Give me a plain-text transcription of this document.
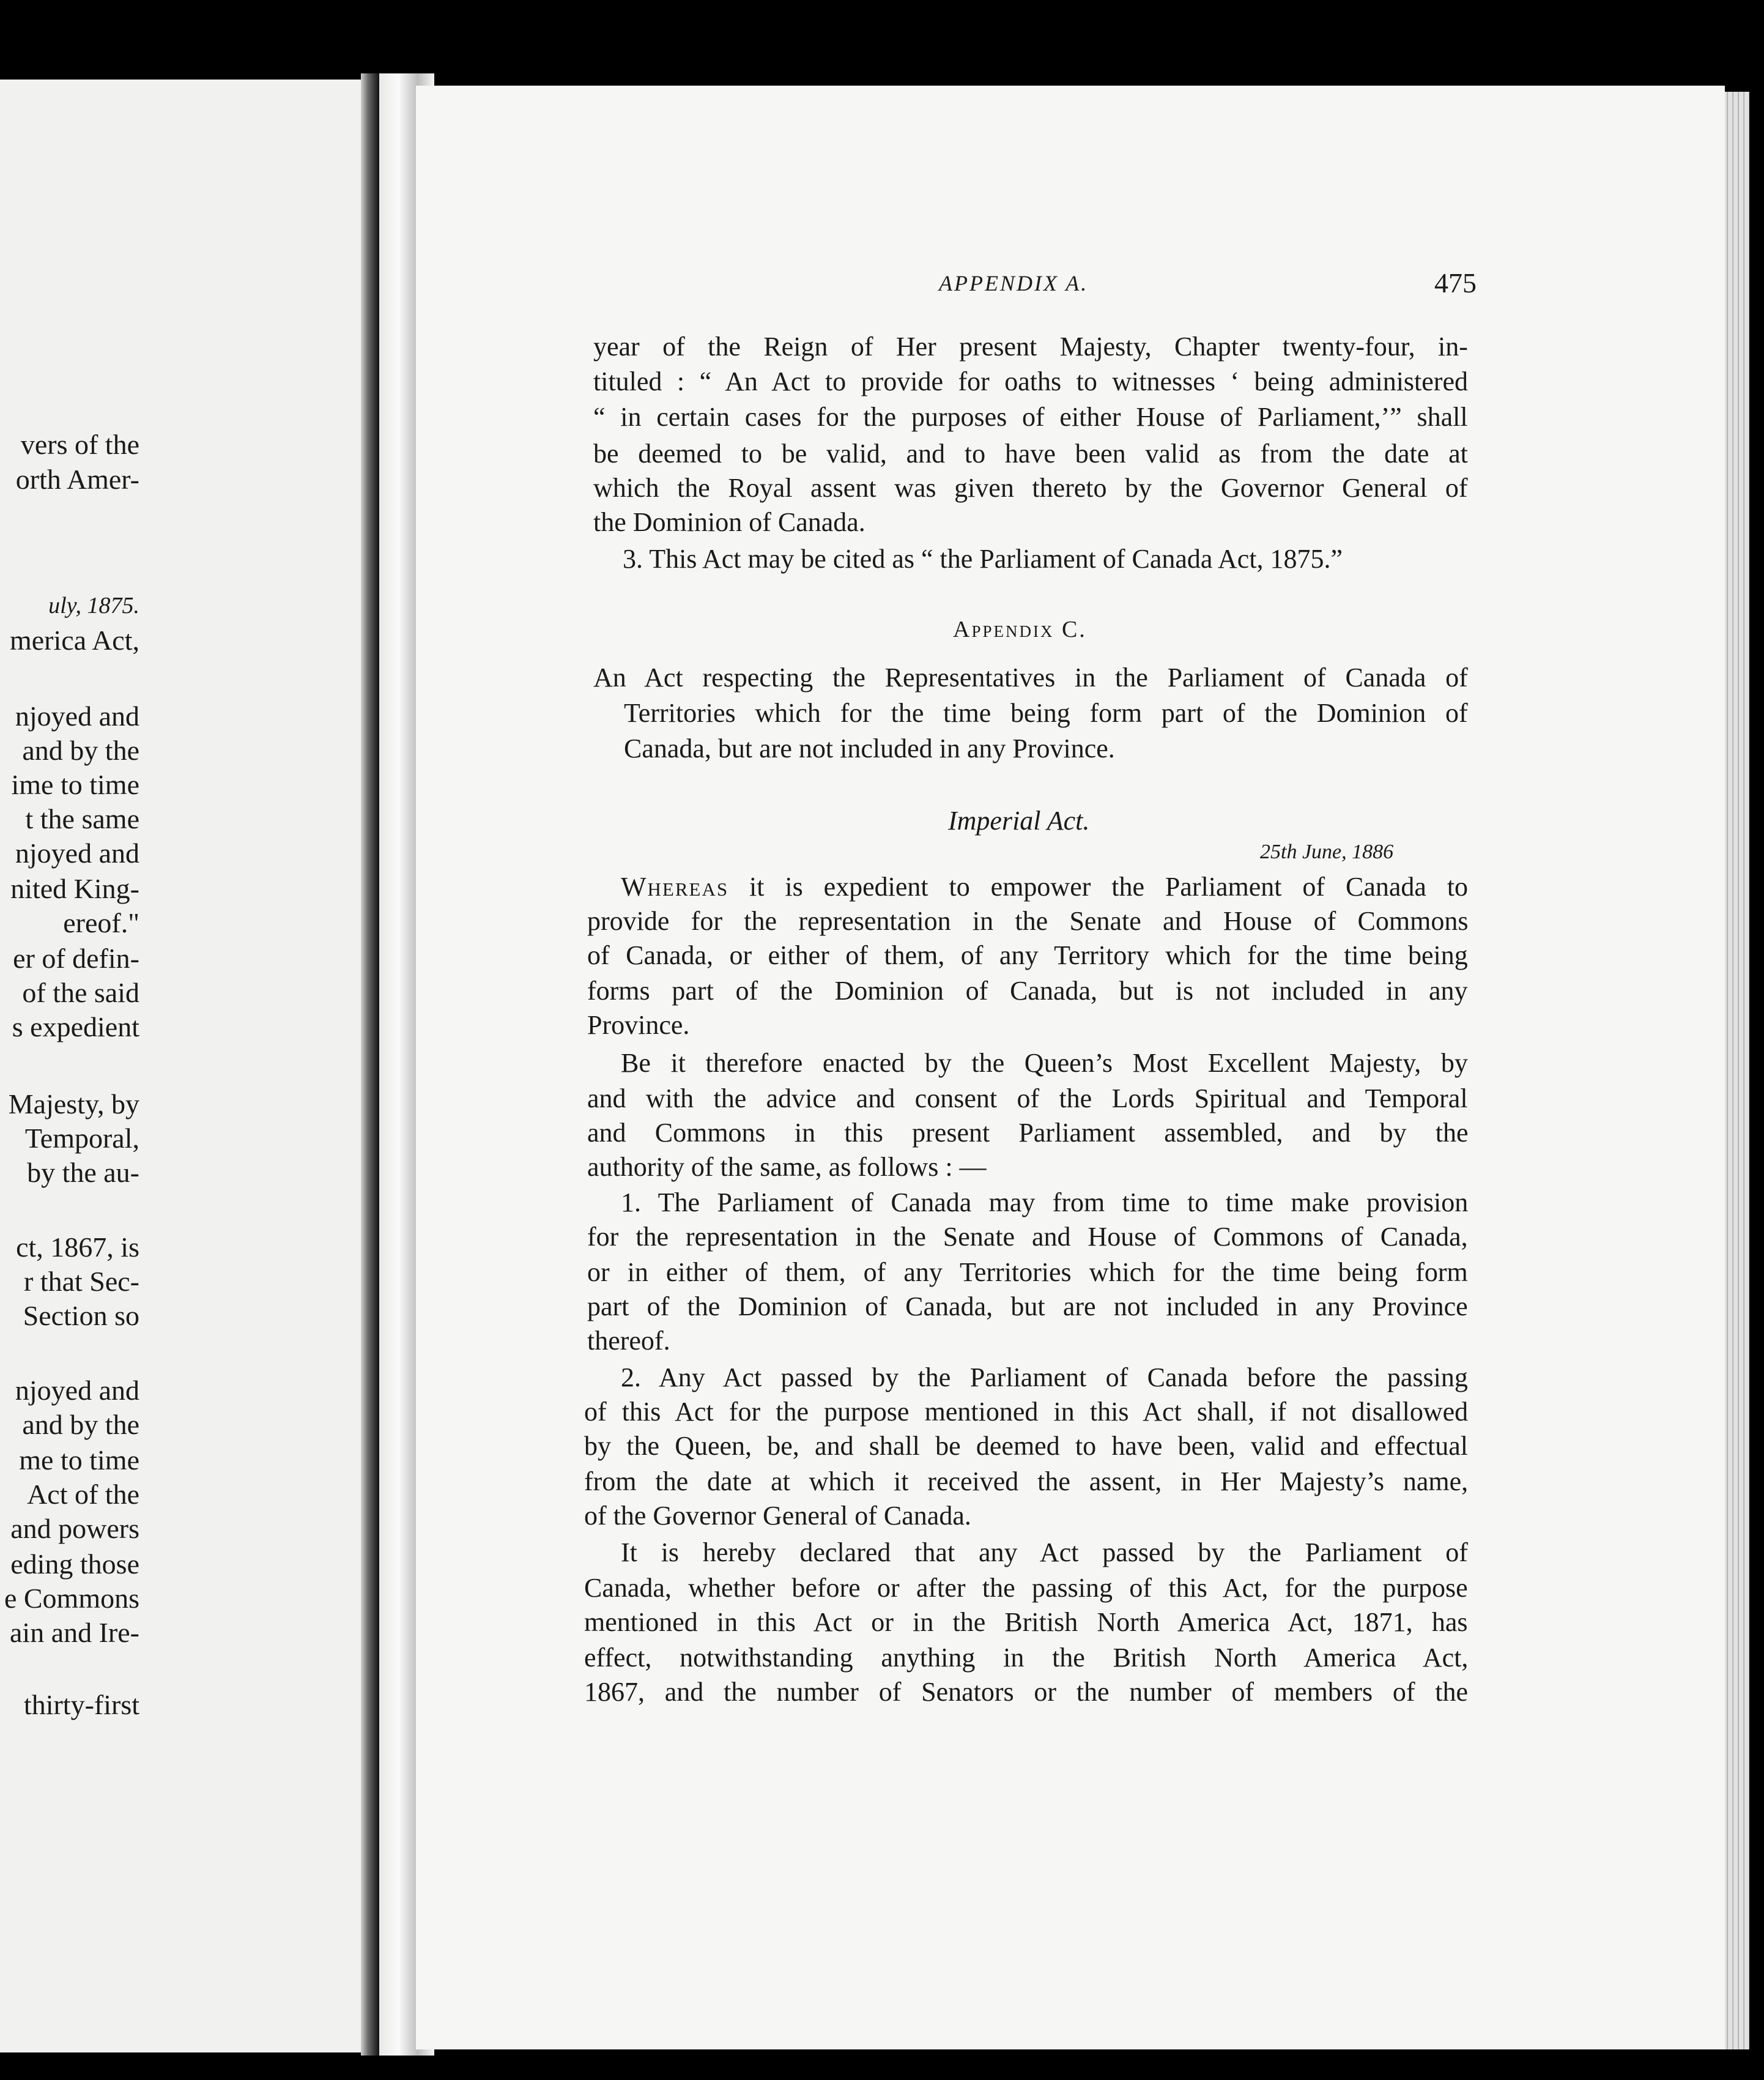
vers of the
orth Amer-
uly, 1875.
merica Act,
njoyed and
and by the
ime to time
t the same
njoyed and
nited King-
ereof."
er of defin-
of the said
s expedient
Majesty, by
Temporal,
by the au-
ct, 1867, is
r that Sec-
Section so
njoyed and
and by the
me to time
Act of the
and powers
eding those
e Commons
ain and Ire-
thirty-first
APPENDIX A.	475
year of the Reign of Her present Majesty, Chapter twenty-four, in-
tituled : “ An Act to provide for oaths to witnesses ‘ being administered
“ in certain cases for the purposes of either House of Parliament,’” shall
be deemed to be valid, and to have been valid as from the date at
which the Royal assent was given thereto by the Governor General of
the Dominion of Canada.
3. This Act may be cited as “ the Parliament of Canada Act, 1875.”
Appendix C.
An Act respecting the Representatives in the Parliament of Canada of
Territories which for the time being form part of the Dominion of
Canada, but are not included in any Province.
Imperial Act.
25th June, 1886
Whereas it is expedient to empower the Parliament of Canada to
provide for the representation in the Senate and House of Commons
of Canada, or either of them, of any Territory which for the time being
forms part of the Dominion of Canada, but is not included in any
Province.
Be it therefore enacted by the Queen’s Most Excellent Majesty, by
and with the advice and consent of the Lords Spiritual and Temporal
and Commons in this present Parliament assembled, and by the
authority of the same, as follows : —
1. The Parliament of Canada may from time to time make provision
for the representation in the Senate and House of Commons of Canada,
or in either of them, of any Territories which for the time being form
part of the Dominion of Canada, but are not included in any Province
thereof.
2. Any Act passed by the Parliament of Canada before the passing
of this Act for the purpose mentioned in this Act shall, if not disallowed
by the Queen, be, and shall be deemed to have been, valid and effectual
from the date at which it received the assent, in Her Majesty’s name,
of the Governor General of Canada.
It is hereby declared that any Act passed by the Parliament of
Canada, whether before or after the passing of this Act, for the purpose
mentioned in this Act or in the British North America Act, 1871, has
effect, notwithstanding anything in the British North America Act,
1867, and the number of Senators or the number of members of the
